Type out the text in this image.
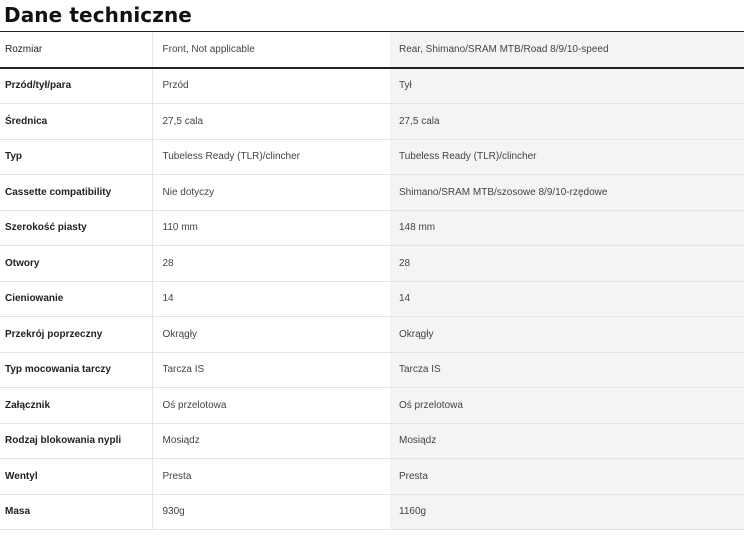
Dane techniczne
Rozmiar	Front, Not applicable	Rear, Shimano/SRAM MTB/Road 8/9/10-speed
Przód/tył/para	Przód	Tył
Średnica	27,5 cala	27,5 cala
Typ	Tubeless Ready (TLR)/clincher	Tubeless Ready (TLR)/clincher
Cassette compatibility	Nie dotyczy	Shimano/SRAM MTB/szosowe 8/9/10-rzędowe
Szerokość piasty	110 mm	148 mm
Otwory	28	28
Cieniowanie	14	14
Przekrój poprzeczny	Okrągły	Okrągły
Typ mocowania tarczy	Tarcza IS	Tarcza IS
Załącznik	Oś przelotowa	Oś przelotowa
Rodzaj blokowania nypli	Mosiądz	Mosiądz
Wentyl	Presta	Presta
Masa	930g	1160g
